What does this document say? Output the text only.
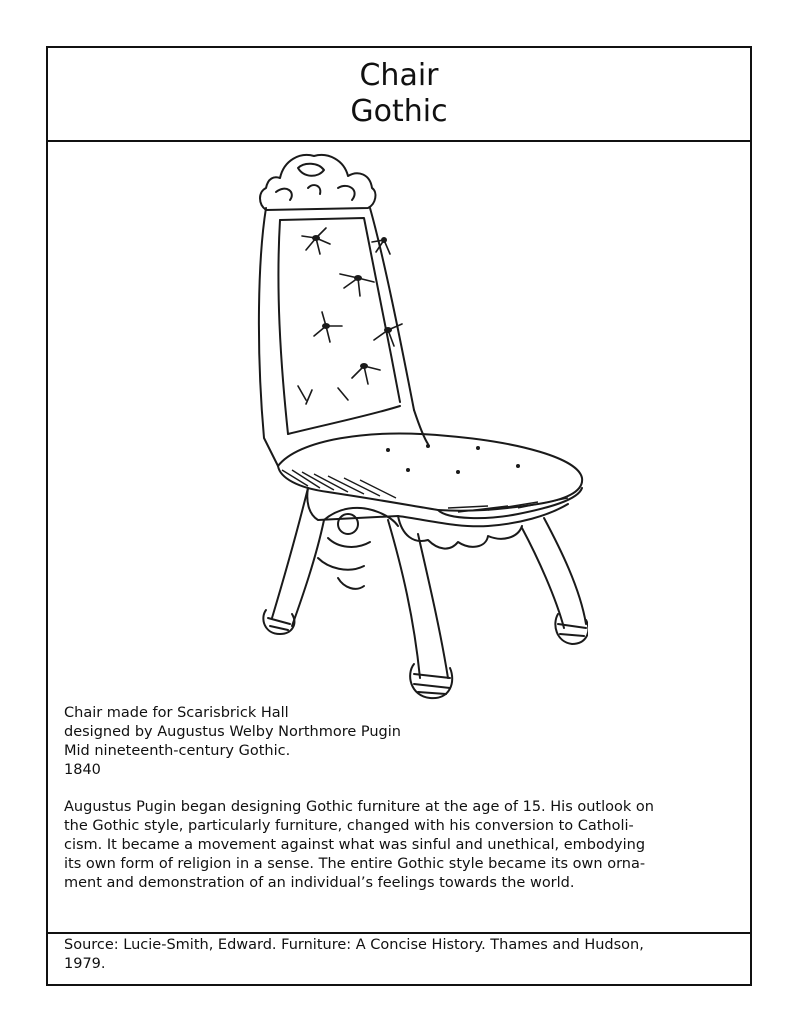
Chair
Gothic
Chair made for Scarisbrick Hall
designed by Augustus Welby Northmore Pugin
Mid nineteenth-century Gothic.
1840
Augustus Pugin began designing Gothic furniture at the age of 15. His outlook on
the Gothic style, particularly furniture, changed with his conversion to Catholi-
cism. It became a movement against what was sinful and unethical, embodying
its own form of religion in a sense. The entire Gothic style became its own orna-
ment and demonstration of an individual’s feelings towards the world.
Source: Lucie-Smith, Edward. Furniture: A Concise History. Thames and Hudson,
1979.
